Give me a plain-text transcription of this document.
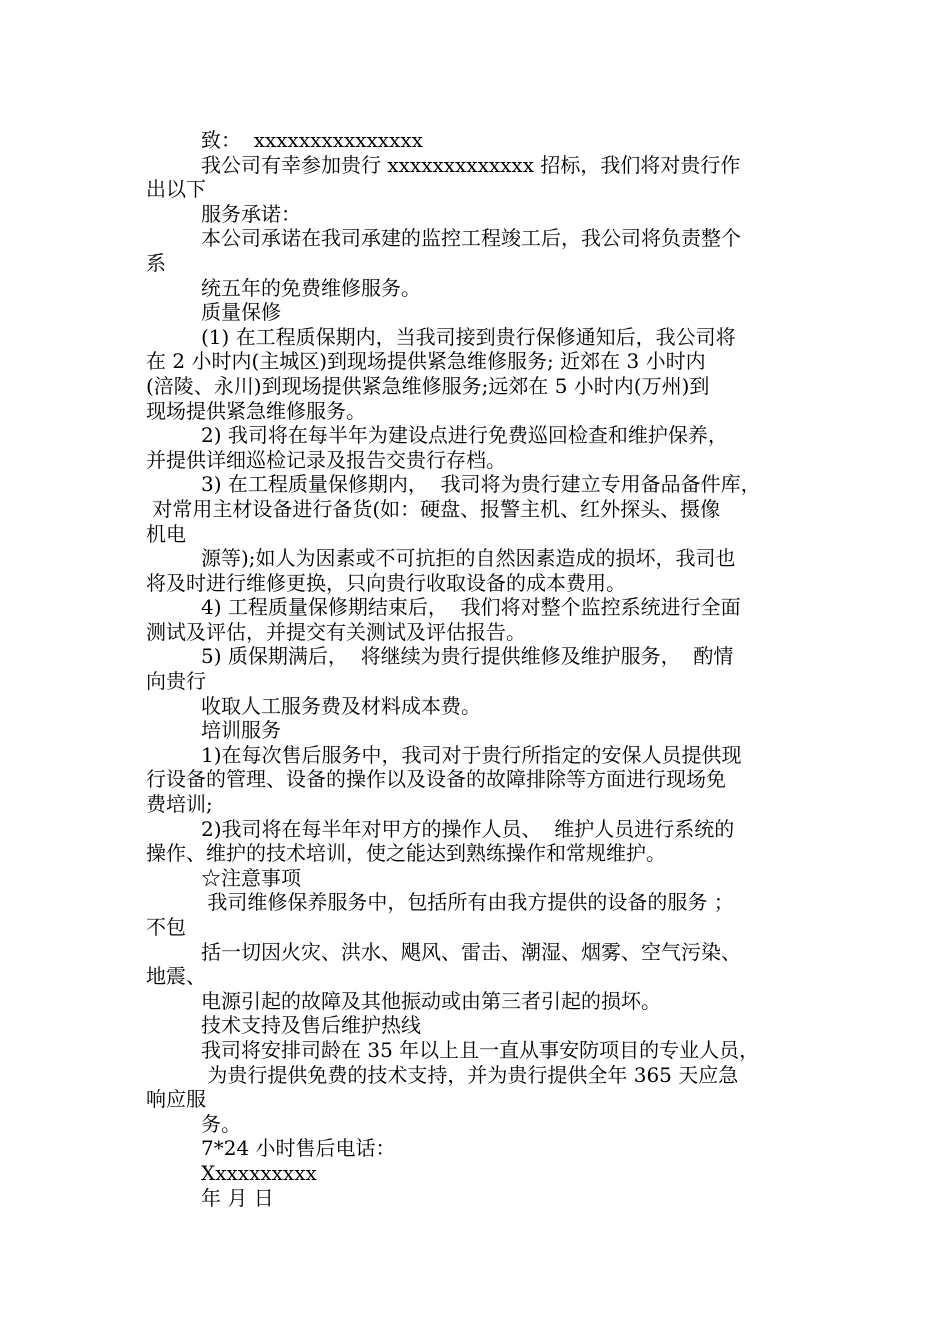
致：  xxxxxxxxxxxxxxx
我公司有幸参加贵行 xxxxxxxxxxxxx 招标，我们将对贵行作
出以下
服务承诺：
本公司承诺在我司承建的监控工程竣工后，我公司将负责整个
系
统五年的免费维修服务。
质量保修
(1) 在工程质保期内，当我司接到贵行保修通知后，我公司将
在 2 小时内(主城区)到现场提供紧急维修服务; 近郊在 3 小时内
(涪陵、永川)到现场提供紧急维修服务;远郊在 5 小时内(万州)到
现场提供紧急维修服务。
2) 我司将在每半年为建设点进行免费巡回检查和维护保养，
并提供详细巡检记录及报告交贵行存档。
3) 在工程质量保修期内，  我司将为贵行建立专用备品备件库，
对常用主材设备进行备货(如：硬盘、报警主机、红外探头、摄像
机电
源等);如人为因素或不可抗拒的自然因素造成的损坏，我司也
将及时进行维修更换，只向贵行收取设备的成本费用。
4) 工程质量保修期结束后，  我们将对整个监控系统进行全面
测试及评估，并提交有关测试及评估报告。
5) 质保期满后，  将继续为贵行提供维修及维护服务，  酌情
向贵行
收取人工服务费及材料成本费。
培训服务
1)在每次售后服务中，我司对于贵行所指定的安保人员提供现
行设备的管理、设备的操作以及设备的故障排除等方面进行现场免
费培训;
2)我司将在每半年对甲方的操作人员、  维护人员进行系统的
操作、维护的技术培训，使之能达到熟练操作和常规维护。
☆注意事项
我司维修保养服务中，包括所有由我方提供的设备的服务 ；
不包
括一切因火灾、洪水、飓风、雷击、潮湿、烟雾、空气污染、
地震、
电源引起的故障及其他振动或由第三者引起的损坏。
技术支持及售后维护热线
我司将安排司龄在 35 年以上且一直从事安防项目的专业人员，
为贵行提供免费的技术支持，并为贵行提供全年 365 天应急
响应服
务。
7*24 小时售后电话：
Xxxxxxxxxx
年 月 日
